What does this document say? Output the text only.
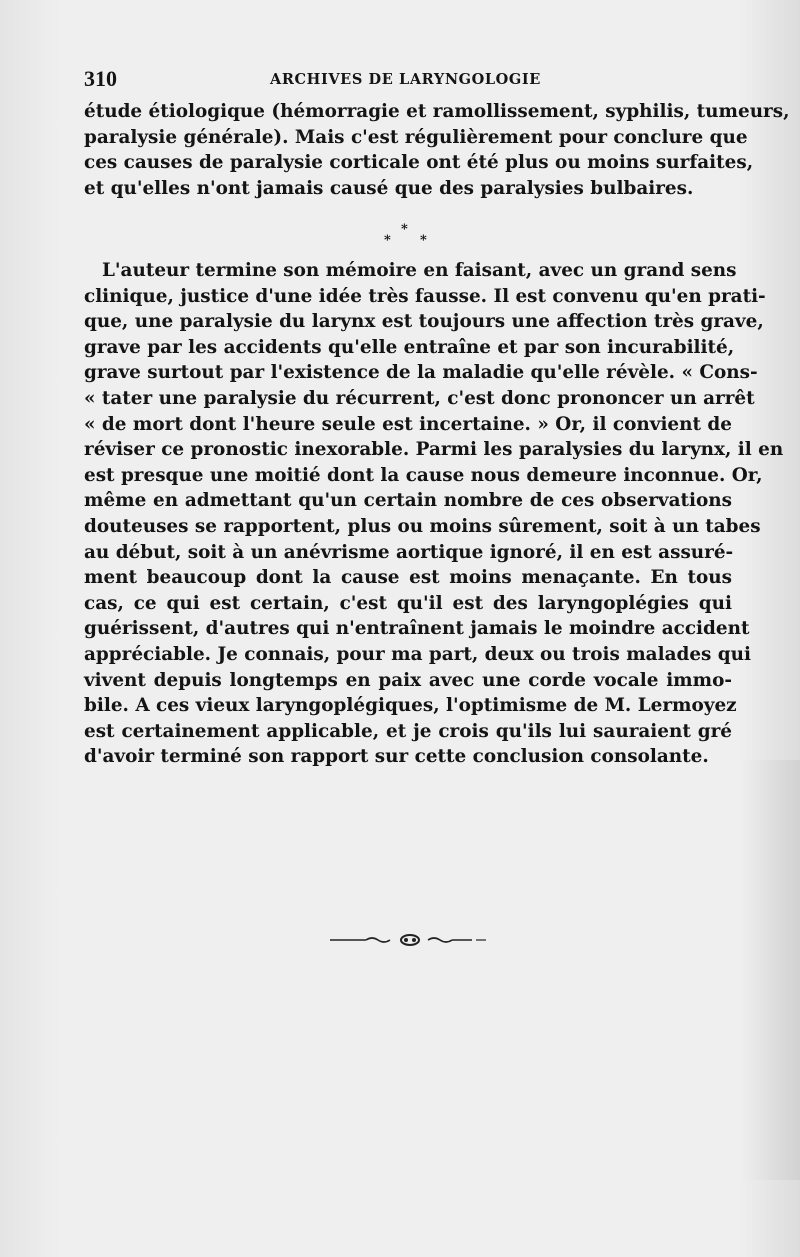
310	ARCHIVES DE LARYNGOLOGIE
étude étiologique (hémorragie et ramollissement, syphilis, tumeurs,
paralysie générale). Mais c'est régulièrement pour conclure que
ces causes de paralysie corticale ont été plus ou moins surfaites,
et qu'elles n'ont jamais causé que des paralysies bulbaires.
*
* *
L'auteur termine son mémoire en faisant, avec un grand sens
clinique, justice d'une idée très fausse. Il est convenu qu'en prati-
que, une paralysie du larynx est toujours une affection très grave,
grave par les accidents qu'elle entraîne et par son incurabilité,
grave surtout par l'existence de la maladie qu'elle révèle. « Cons-
« tater une paralysie du récurrent, c'est donc prononcer un arrêt
« de mort dont l'heure seule est incertaine. » Or, il convient de
réviser ce pronostic inexorable. Parmi les paralysies du larynx, il en
est presque une moitié dont la cause nous demeure inconnue. Or,
même en admettant qu'un certain nombre de ces observations
douteuses se rapportent, plus ou moins sûrement, soit à un tabes
au début, soit à un anévrisme aortique ignoré, il en est assuré-
ment beaucoup dont la cause est moins menaçante. En tous
cas, ce qui est certain, c'est qu'il est des laryngoplégies qui
guérissent, d'autres qui n'entraînent jamais le moindre accident
appréciable. Je connais, pour ma part, deux ou trois malades qui
vivent depuis longtemps en paix avec une corde vocale immo-
bile. A ces vieux laryngoplégiques, l'optimisme de M. Lermoyez
est certainement applicable, et je crois qu'ils lui sauraient gré
d'avoir terminé son rapport sur cette conclusion consolante.
